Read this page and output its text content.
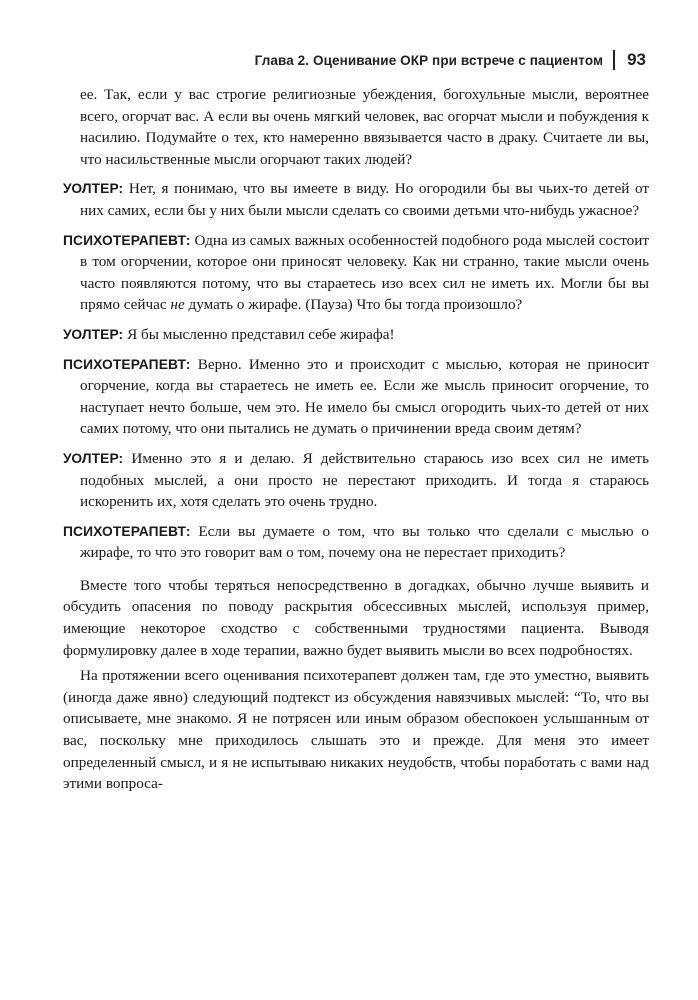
Глава 2. Оценивание ОКР при встрече с пациентом 93

ее. Так, если у вас строгие религиозные убеждения, богохульные мысли, вероятнее всего, огорчат вас. А если вы очень мягкий человек, вас огорчат мысли и побуждения к насилию. Подумайте о тех, кто намеренно ввязывается часто в драку. Считаете ли вы, что насильственные мысли огорчают таких людей?

УОЛТЕР: Нет, я понимаю, что вы имеете в виду. Но огородили бы вы чьих-то детей от них самих, если бы у них были мысли сделать со своими детьми что-нибудь ужасное?

ПСИХОТЕРАПЕВТ: Одна из самых важных особенностей подобного рода мыслей состоит в том огорчении, которое они приносят человеку. Как ни странно, такие мысли очень часто появляются потому, что вы стараетесь изо всех сил не иметь их. Могли бы вы прямо сейчас не думать о жирафе. (Пауза) Что бы тогда произошло?

УОЛТЕР: Я бы мысленно представил себе жирафа!

ПСИХОТЕРАПЕВТ: Верно. Именно это и происходит с мыслью, которая не приносит огорчение, когда вы стараетесь не иметь ее. Если же мысль приносит огорчение, то наступает нечто больше, чем это. Не имело бы смысл огородить чьих-то детей от них самих потому, что они пытались не думать о причинении вреда своим детям?

УОЛТЕР: Именно это я и делаю. Я действительно стараюсь изо всех сил не иметь подобных мыслей, а они просто не перестают приходить. И тогда я стараюсь искоренить их, хотя сделать это очень трудно.

ПСИХОТЕРАПЕВТ: Если вы думаете о том, что вы только что сделали с мыслью о жирафе, то что это говорит вам о том, почему она не перестает приходить?

Вместе того чтобы теряться непосредственно в догадках, обычно лучше выявить и обсудить опасения по поводу раскрытия обсессивных мыслей, используя пример, имеющие некоторое сходство с собственными трудностями пациента. Выводя формулировку далее в ходе терапии, важно будет выявить мысли во всех подробностях.

На протяжении всего оценивания психотерапевт должен там, где это уместно, выявить (иногда даже явно) следующий подтекст из обсуждения навязчивых мыслей: “То, что вы описываете, мне знакомо. Я не потрясен или иным образом обеспокоен услышанным от вас, поскольку мне приходилось слышать это и прежде. Для меня это имеет определенный смысл, и я не испытываю никаких неудобств, чтобы поработать с вами над этими вопроса-
